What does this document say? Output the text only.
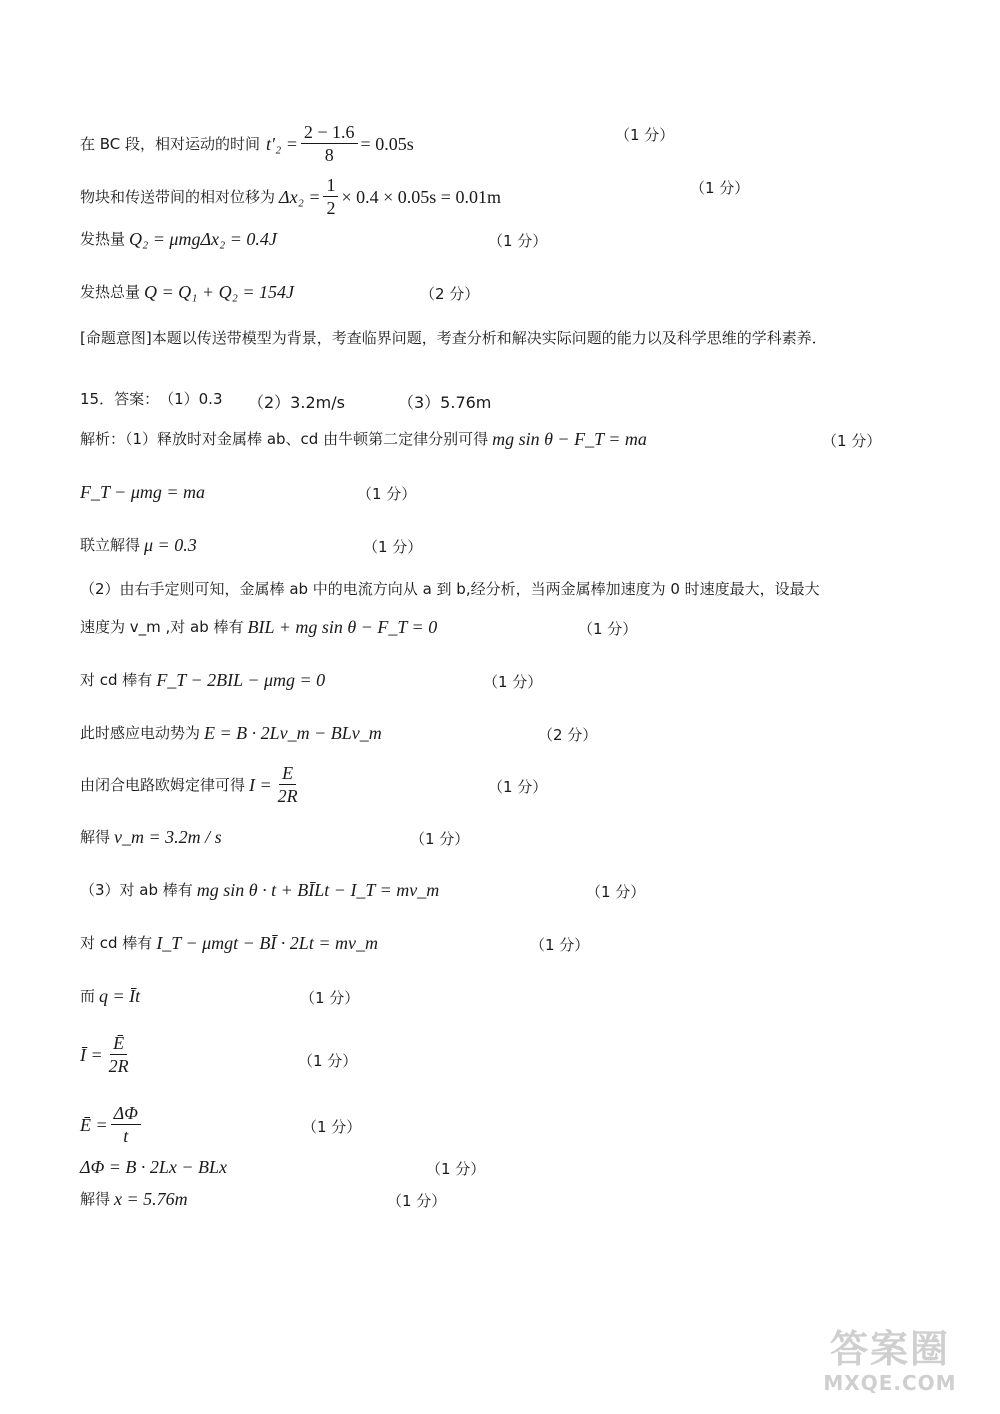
在 BC 段，相对运动的时间 $t'_2 = \frac{2 - 1.6}{8} = 0.05s$	（1 分）
物块和传送带间的相对位移为 $\Delta x_2 = \frac{1}{2} \times 0.4 \times 0.05s = 0.01m$	（1 分）
发热量 Q₂ = μmgΔx₂ = 0.4J	（1 分）
发热总量 Q = Q₁ + Q₂ = 154J	（2 分）
[命题意图]本题以传送带模型为背景，考查临界问题，考查分析和解决实际问题的能力以及科学思维的学科素养．
15．答案： （1）0.3 （2）3.2m/s	（3）5.76m
解析：（1）释放时对金属棒 ab、cd 由牛顿第二定律分别可得 mg sin θ − F_T = ma	（1 分）
F_T − μmg = ma	（1 分）
联立解得 μ = 0.3	（1 分）
（2）由右手定则可知，金属棒 ab 中的电流方向从 a 到 b,经分析，当两金属棒加速度为 0 时速度最大，设最大
速度为 v_m ,对 ab 棒有 BIL + mg sin θ − F_T = 0	（1 分）
对 cd 棒有 F_T − 2BIL − μmg = 0	（1 分）
此时感应电动势为 E = B · 2Lv_m − BLv_m	（2 分）
由闭合电路欧姆定律可得 $I = \frac{E}{2R}$	（1 分）
解得 v_m = 3.2m / s	（1 分）
（3）对 ab 棒有 mg sin θ · t + BĪLt − I_T = mv_m	（1 分）
对 cd 棒有 I_T − μmgt − BĪ · 2Lt = mv_m	（1 分）
而 q = Īt	（1 分）
Ī = $\frac{Ē}{2R}$	（1 分）
Ē = $\frac{\Delta\Phi}{t}$	（1 分）
ΔΦ = B · 2Lx − BLx	（1 分）
解得 x = 5.76m	（1 分）
答案圈
MXQE.COM
